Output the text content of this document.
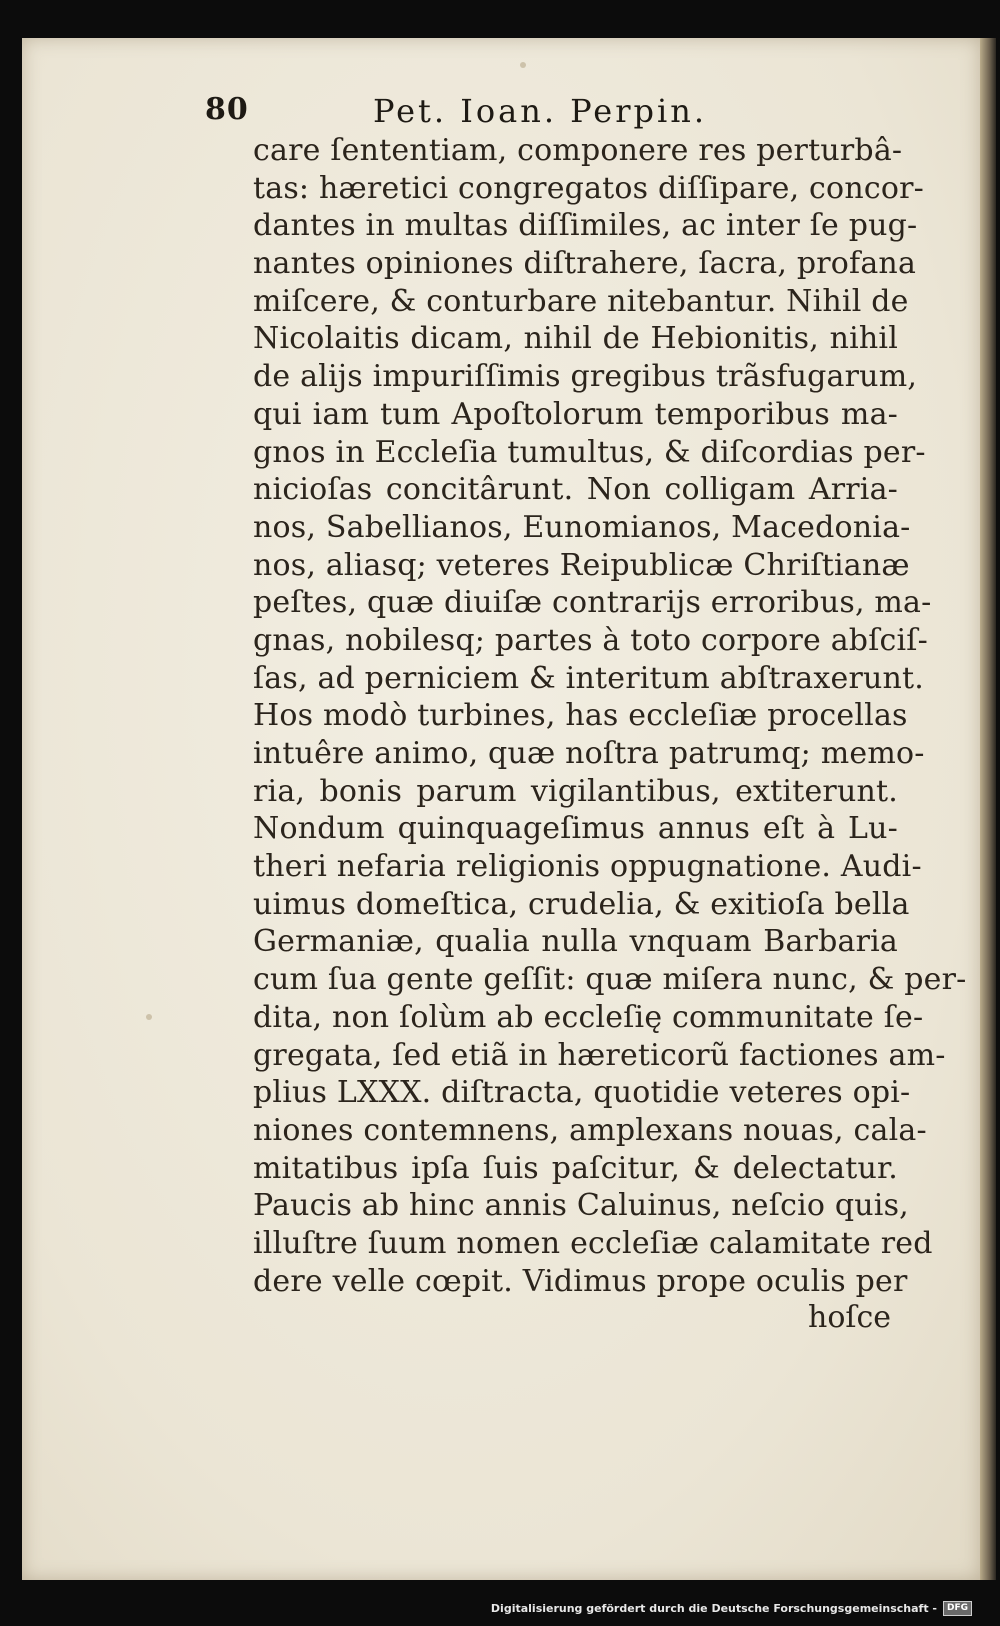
80	Pet. Ioan. Perpin.
care ſententiam, componere res perturbâ-
tas: hæretici congregatos diſſipare, concor-
dantes in multas diſſimiles, ac inter ſe pug-
nantes opiniones diſtrahere, ſacra, profana
miſcere, & conturbare nitebantur. Nihil de
Nicolaitis dicam, nihil de Hebionitis, nihil
de alijs impuriſſimis gregibus trãsfugarum,
qui iam tum Apoſtolorum temporibus ma-
gnos in Eccleſia tumultus, & diſcordias per-
nicioſas concitârunt. Non colligam Arria-
nos, Sabellianos, Eunomianos, Macedonia-
nos, aliasq; veteres Reipublicæ Chriſtianæ
peſtes, quæ diuiſæ contrarijs erroribus, ma-
gnas, nobilesq; partes à toto corpore abſciſ-
ſas, ad perniciem & interitum abſtraxerunt.
Hos modò turbines, has eccleſiæ procellas
intuêre animo, quæ noſtra patrumq; memo-
ria, bonis parum vigilantibus, extiterunt.
Nondum quinquageſimus annus eſt à Lu-
theri nefaria religionis oppugnatione. Audi-
uimus domeſtica, crudelia, & exitioſa bella
Germaniæ, qualia nulla vnquam Barbaria
cum ſua gente geſſit: quæ miſera nunc, & per-
dita, non ſolùm ab eccleſię communitate ſe-
gregata, ſed etiã in hæreticorũ factiones am-
plius LXXX. diſtracta, quotidie veteres opi-
niones contemnens, amplexans nouas, cala-
mitatibus ipſa ſuis paſcitur, & delectatur.
Paucis ab hinc annis Caluinus, neſcio quis,
illuſtre ſuum nomen eccleſiæ calamitate red
dere velle cœpit. Vidimus prope oculis per
hoſce
Digitalisierung gefördert durch die Deutsche Forschungsgemeinschaft -	DFG
